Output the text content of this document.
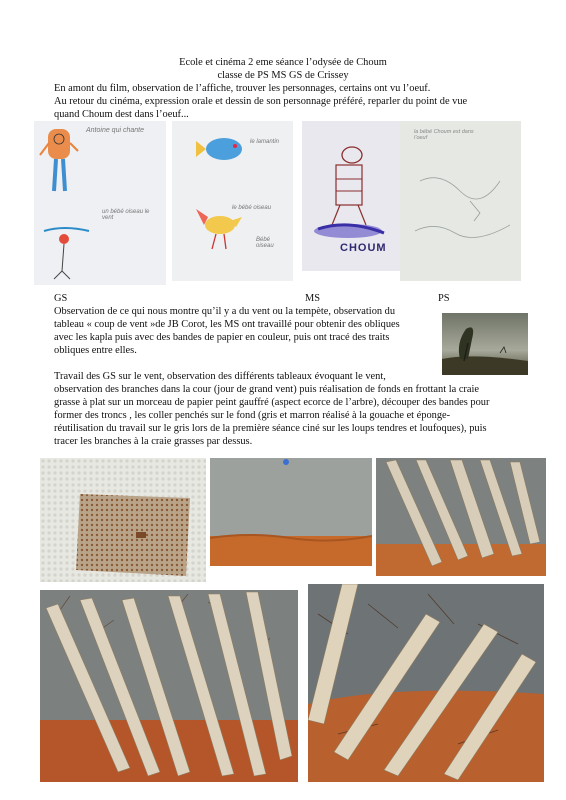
Ecole et cinéma 2 eme séance l’odysée de Choum
classe de PS MS GS de Crissey
En amont du film, observation de l’affiche, trouver les personnages, certains ont vu l’oeuf.
Au retour du cinéma, expression orale et dessin de son personnage préféré, reparler du point de vue
quand Choum dest dans l’oeuf...
Antoine qui chante
un bébé oiseau le vent
le lamantin
le bébé oiseau
Bébé oiseau	CHOUM
la bébé Choum est dans l’oeuf
GS	MS	PS
Observation de ce qui nous montre qu’il y a du vent ou la tempète, observation du
tableau « coup de vent »de JB Corot, les MS ont travaillé pour obtenir des obliques
avec les kapla puis avec des bandes de papier en couleur, puis ont tracé des traits
obliques entre elles.
Travail des GS sur le vent, observation des différents tableaux évoquant le vent,
observation des branches dans la cour (jour de grand vent) puis réalisation de fonds en frottant la craie
grasse à plat sur un morceau de papier peint gauffré (aspect ecorce de l’arbre), découper des bandes pour
former des troncs , les coller penchés sur le fond (gris et marron réalisé à la gouache et éponge-
réutilisation du travail sur le gris lors de la première séance ciné sur les loups tendres et loufoques), puis
tracer les branches à la craie grasses par dessus.
